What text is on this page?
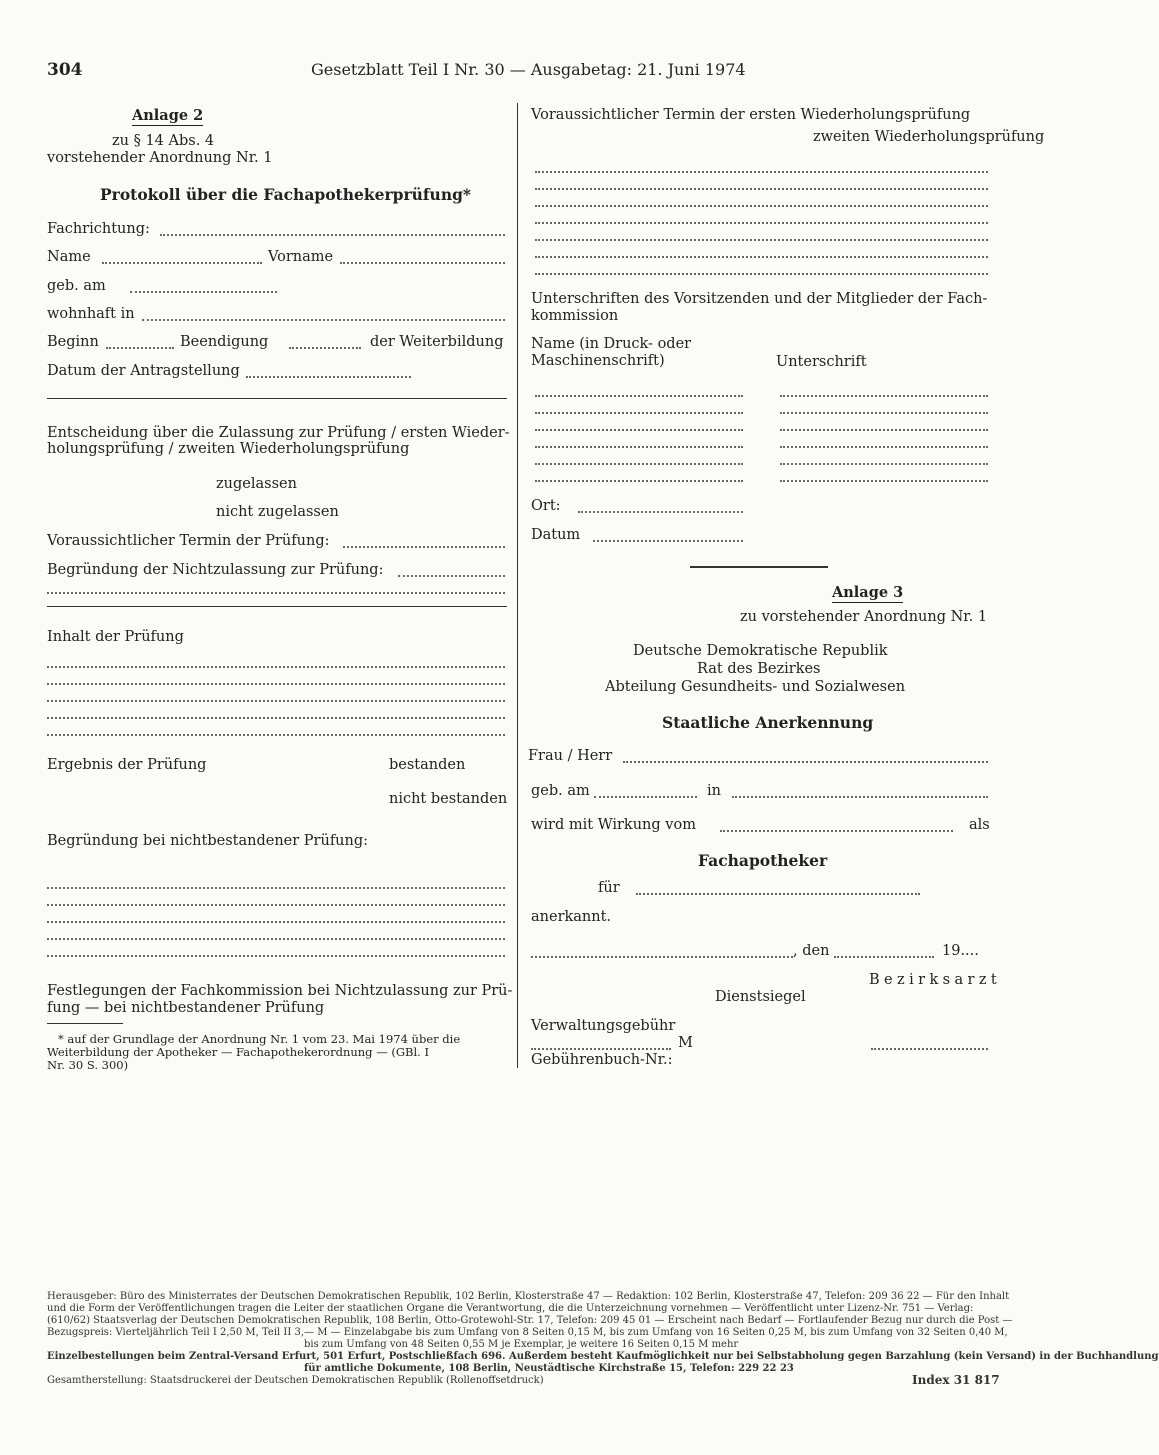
304	Gesetzblatt Teil I Nr. 30 — Ausgabetag: 21. Juni 1974
Anlage 2
zu § 14 Abs. 4
vorstehender Anordnung Nr. 1
Protokoll über die Fachapothekerprüfung*
Fachrichtung:
Name	Vorname
geb. am
wohnhaft in
Beginn	Beendigung	der Weiterbildung
Datum der Antragstellung
Entscheidung über die Zulassung zur Prüfung / ersten Wieder-
holungsprüfung / zweiten Wiederholungsprüfung
zugelassen
nicht zugelassen
Voraussichtlicher Termin der Prüfung:
Begründung der Nichtzulassung zur Prüfung:
Inhalt der Prüfung
Ergebnis der Prüfung	bestanden
nicht bestanden
Begründung bei nichtbestandener Prüfung:
Festlegungen der Fachkommission bei Nichtzulassung zur Prü-
fung — bei nichtbestandener Prüfung
* auf der Grundlage der Anordnung Nr. 1 vom 23. Mai 1974 über die
Weiterbildung der Apotheker — Fachapothekerordnung — (GBl. I
Nr. 30 S. 300)
Voraussichtlicher Termin der ersten Wiederholungsprüfung
zweiten Wiederholungsprüfung
Unterschriften des Vorsitzenden und der Mitglieder der Fach-
kommission
Name (in Druck- oder
Maschinenschrift)	Unterschrift
Ort:
Datum
Anlage 3
zu vorstehender Anordnung Nr. 1
Deutsche Demokratische Republik
Rat des Bezirkes
Abteilung Gesundheits- und Sozialwesen
Staatliche Anerkennung
Frau / Herr
geb. am	in
wird mit Wirkung vom	als
Fachapotheker
für
anerkannt.
, den	19....
Bezirksarzt
Dienstsiegel
Verwaltungsgebühr
M
Gebührenbuch-Nr.:
Herausgeber: Büro des Ministerrates der Deutschen Demokratischen Republik, 102 Berlin, Klosterstraße 47 — Redaktion: 102 Berlin, Klosterstraße 47, Telefon: 209 36 22 — Für den Inhalt
und die Form der Veröffentlichungen tragen die Leiter der staatlichen Organe die Verantwortung, die die Unterzeichnung vornehmen — Veröffentlicht unter Lizenz-Nr. 751 — Verlag:
(610/62) Staatsverlag der Deutschen Demokratischen Republik, 108 Berlin, Otto-Grotewohl-Str. 17, Telefon: 209 45 01 — Erscheint nach Bedarf — Fortlaufender Bezug nur durch die Post —
Bezugspreis: Vierteljährlich Teil I 2,50 M, Teil II 3,— M — Einzelabgabe bis zum Umfang von 8 Seiten 0,15 M, bis zum Umfang von 16 Seiten 0,25 M, bis zum Umfang von 32 Seiten 0,40 M,
bis zum Umfang von 48 Seiten 0,55 M je Exemplar, je weitere 16 Seiten 0,15 M mehr
Einzelbestellungen beim Zentral-Versand Erfurt, 501 Erfurt, Postschließfach 696. Außerdem besteht Kaufmöglichkeit nur bei Selbstabholung gegen Barzahlung (kein Versand) in der Buchhandlung
für amtliche Dokumente, 108 Berlin, Neustädtische Kirchstraße 15, Telefon: 229 22 23
Gesamtherstellung: Staatsdruckerei der Deutschen Demokratischen Republik (Rollenoffsetdruck)	Index 31 817
